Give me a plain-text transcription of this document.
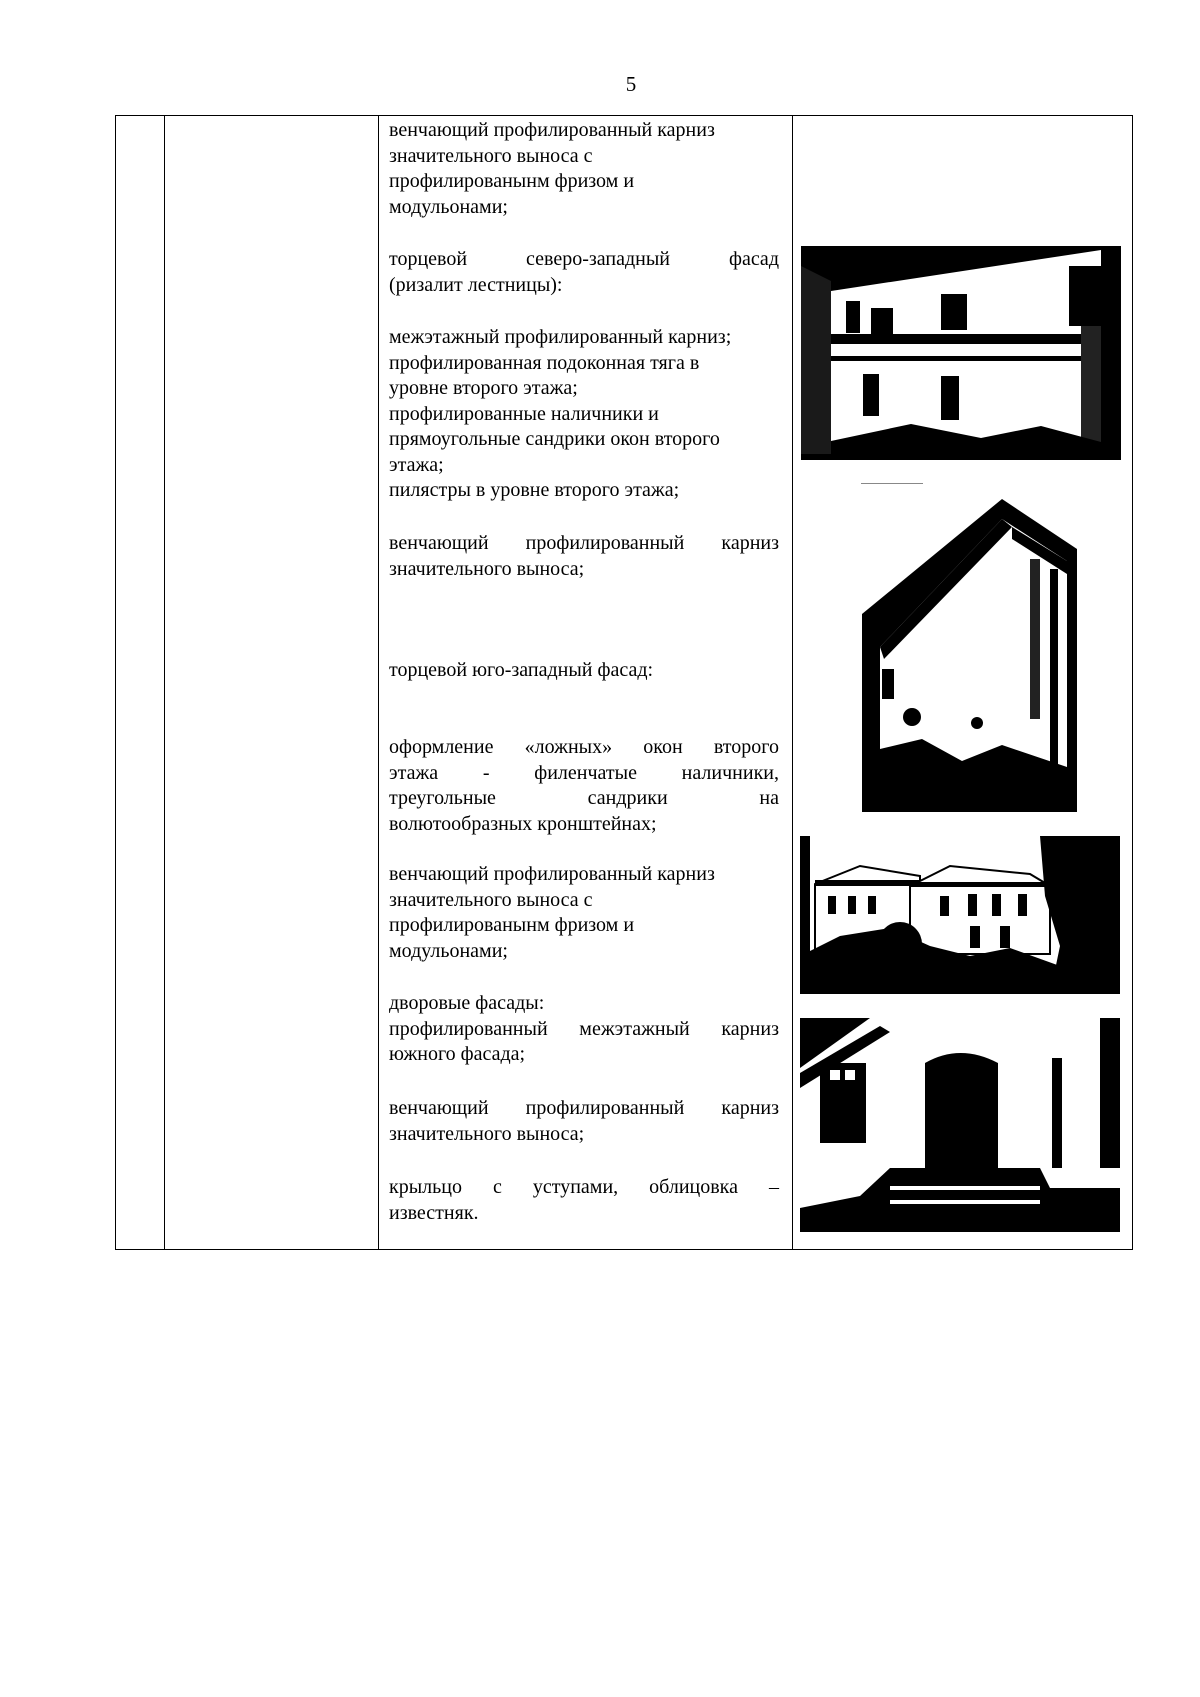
5
венчающий профилированный карниз
значительного выноса с
профилированынм фризом и
модульонами;
торцевой северо-западный фасад
(ризалит лестницы):
межэтажный профилированный карниз;
профилированная подоконная тяга в
уровне второго этажа;
профилированные наличники и
прямоугольные сандрики окон второго
этажа;
пилястры в уровне второго этажа;
венчающий профилированный карниз
значительного выноса;
торцевой юго-западный фасад:
оформление «ложных» окон второго
этажа - филенчатые наличники,
треугольные сандрики на
волютообразных кронштейнах;
венчающий профилированный карниз
значительного выноса с
профилированынм фризом и
модульонами;
дворовые фасады:
профилированный межэтажный карниз
южного фасада;
венчающий профилированный карниз
значительного выноса;
крыльцо с уступами, облицовка –
известняк.
